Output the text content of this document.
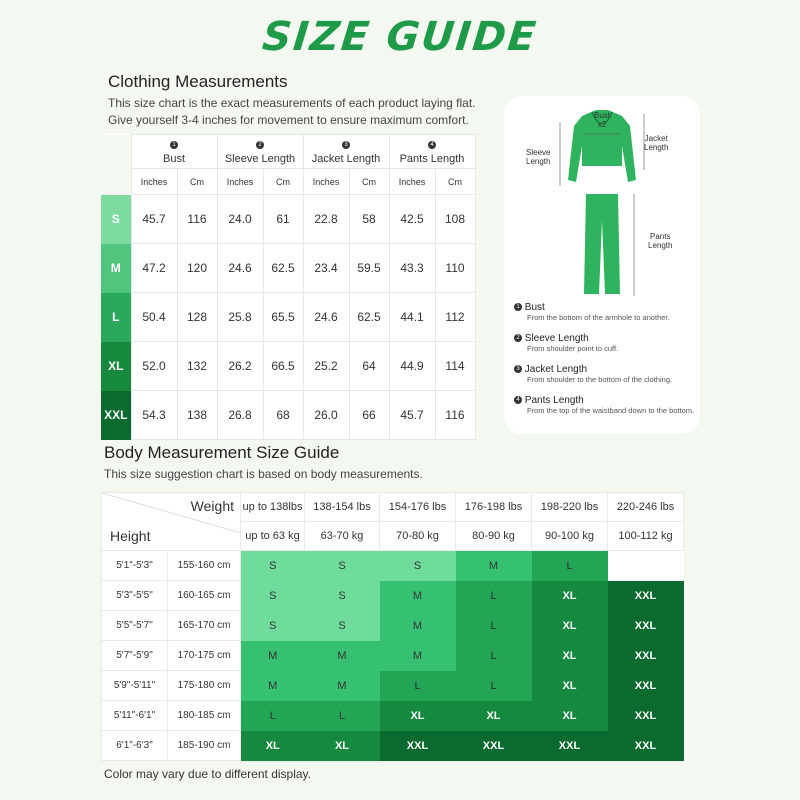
SIZE GUIDE
Clothing Measurements
This size chart is the exact measurements of each product laying flat.
Give yourself 3-4 inches for movement to ensure maximum comfort.
	1
Bust		2
Sleeve Length		3
Jacket Length		4
Pants Length	

	Inches	Cm	Inches	Cm	Inches	Cm	Inches	Cm
S	45.7	116	24.0	61	22.8	58	42.5	108
M	47.2	120	24.6	62.5	23.4	59.5	43.3	110
L	50.4	128	25.8	65.5	24.6	62.5	44.1	112
XL	52.0	132	26.2	66.5	25.2	64	44.9	114
XXL	54.3	138	26.8	68	26.0	66	45.7	116
Bust
x2
Sleeve
Length
Jacket
Length
Pants
Length
1 Bust
From the bottom of the armhole to another.
2 Sleeve Length
From shoulder point to cuff.
3 Jacket Length
From shoulder to the bottom of the clothing.
4 Pants Length
From the top of the waistband down to the bottom.
Body Measurement Size Guide
This size suggestion chart is based on body measurements.
Weight
Height		up to 138lbs	138-154 lbs	154-176 lbs	176-198 lbs	198-220 lbs	220-246 lbs
		up to 63 kg	63-70 kg	70-80 kg	80-90 kg	90-100 kg	100-112 kg
5'1"-5'3"	155-160 cm	S	S	S	M	L	
5'3"-5'5"	160-165 cm	S	S	M	L	XL	XXL
5'5"-5'7"	165-170 cm	S	S	M	L	XL	XXL
5'7"-5'9"	170-175 cm	M	M	M	L	XL	XXL
5'9"-5'11"	175-180 cm	M	M	L	L	XL	XXL
5'11"-6'1"	180-185 cm	L	L	XL	XL	XL	XXL
6'1"-6'3"	185-190 cm	XL	XL	XXL	XXL	XXL	XXL
Color may vary due to different display.
